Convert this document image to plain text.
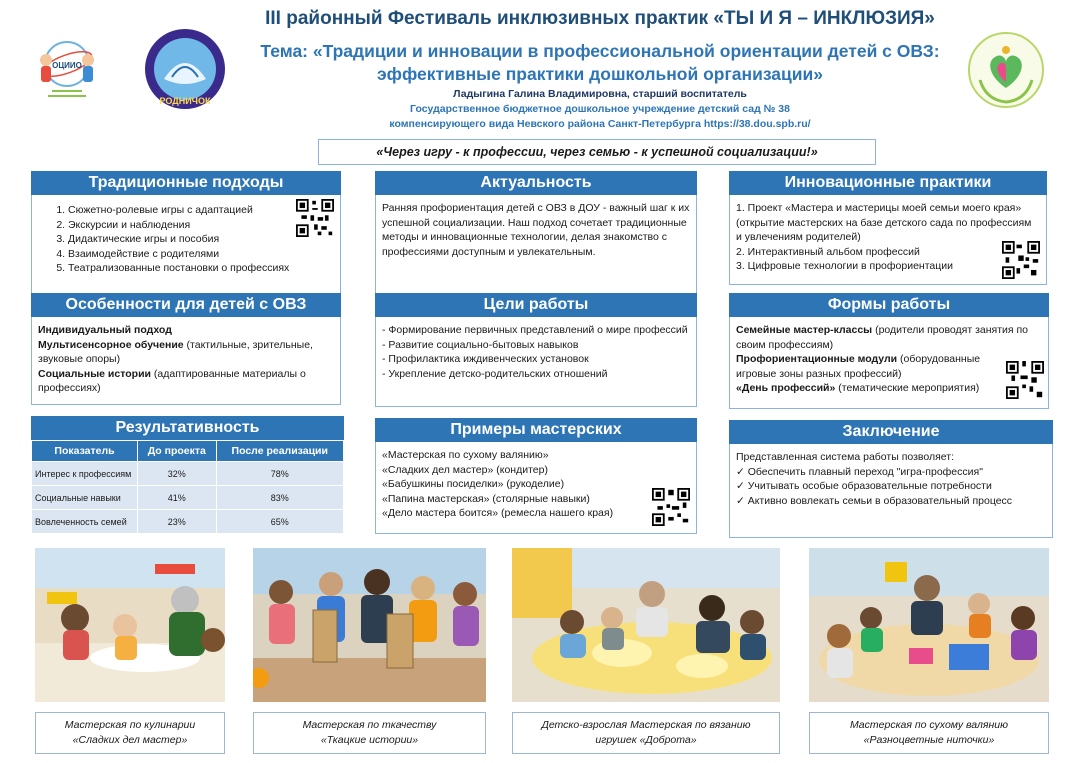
ОЦИИО
РОДНИЧОК
III районный Фестиваль инклюзивных практик «ТЫ И Я – ИНКЛЮЗИЯ»
Тема: «Традиции и инновации в профессиональной ориентации детей с ОВЗ:
эффективные практики дошкольной организации»
Ладыгина Галина Владимировна, старший воспитатель
Государственное бюджетное дошкольное учреждение детский сад № 38
компенсирующего вида Невского района Санкт-Петербурга https://38.dou.spb.ru/
«Через игру - к профессии, через семью - к успешной социализации!»
Традиционные подходы
1. Сюжетно-ролевые игры с адаптацией
2. Экскурсии и наблюдения
3. Дидактические игры и пособия
4. Взаимодействие с родителями
5. Театрализованные постановки о профессиях
Актуальность
Ранняя профориентация детей с ОВЗ в ДОУ - важный шаг к их успешной социализации. Наш подход сочетает традиционные методы и инновационные технологии, делая знакомство с профессиями доступным и увлекательным.
Инновационные практики
1. Проект «Мастера и мастерицы моей семьи моего края» (открытие мастерских на базе детского сада по профессиям и увлечениям родителей)
2. Интерактивный альбом профессий
3. Цифровые технологии в профориентации
Особенности для детей с ОВЗ
Индивидуальный подход
Мультисенсорное обучение (тактильные, зрительные, звуковые опоры)
Социальные истории (адаптированные материалы о профессиях)
Цели работы
- Формирование первичных представлений о мире профессий
- Развитие социально-бытовых навыков
- Профилактика иждивенческих установок
- Укрепление детско-родительских отношений
Формы работы
Семейные мастер-классы (родители проводят занятия по своим профессиям)
Профориентационные модули (оборудованные игровые зоны разных профессий)
«День профессий» (тематические мероприятия)
Результативность
Показатель	До проекта	После реализации
Интерес к профессиям	32%	78%
Социальные навыки	41%	83%
Вовлеченность семей	23%	65%
Примеры мастерских
«Мастерская по сухому валянию»
«Сладких дел мастер» (кондитер)
«Бабушкины посиделки» (рукоделие)
«Папина мастерская» (столярные навыки)
«Дело мастера боится» (ремесла нашего края)
Заключение
Представленная система работы позволяет:
✓ Обеспечить плавный переход "игра-профессия"
✓ Учитывать особые образовательные потребности
✓ Активно вовлекать семьи в образовательный процесс
Мастерская по кулинарии
«Сладких дел мастер»
Мастерская по ткачеству
«Ткацкие истории»
Детско-взрослая Мастерская по вязанию
игрушек «Доброта»
Мастерская по сухому валянию
«Разноцветные ниточки»
